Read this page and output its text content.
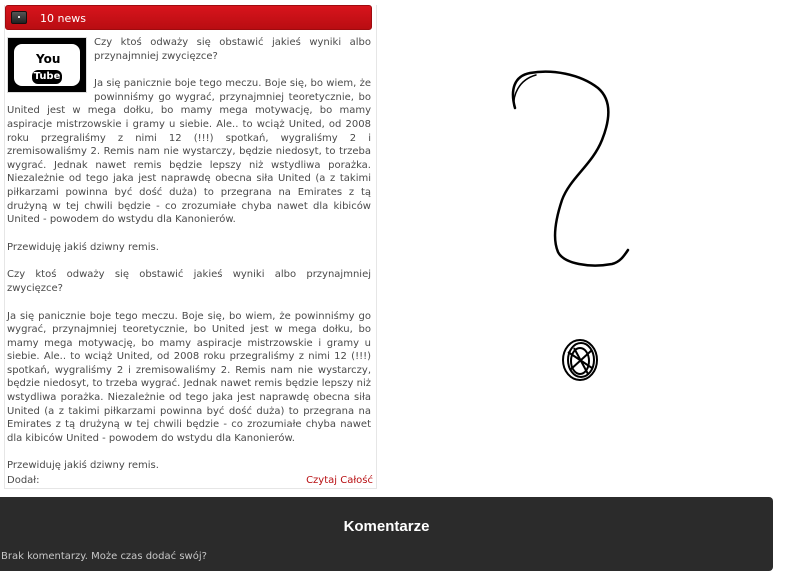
10 news
You
Tube

Czy ktoś odważy się obstawić jakieś wyniki albo przynajmniej zwycięzce?

Ja się panicznie boje tego meczu. Boje się, bo wiem, że powinniśmy go wygrać, przynajmniej teoretycznie, bo United jest w mega dołku, bo mamy mega motywację, bo mamy aspiracje mistrzowskie i gramy u siebie. Ale.. to wciąż United, od 2008 roku przegraliśmy z nimi 12 (!!!) spotkań, wygraliśmy 2 i zremisowaliśmy 2. Remis nam nie wystarczy, będzie niedosyt, to trzeba wygrać. Jednak nawet remis będzie lepszy niż wstydliwa porażka. Niezależnie od tego jaka jest naprawdę obecna siła United (a z takimi piłkarzami powinna być dość duża) to przegrana na Emirates z tą drużyną w tej chwili będzie - co zrozumiałe chyba nawet dla kibiców United - powodem do wstydu dla Kanonierów.

Przewiduję jakiś dziwny remis.

Czy ktoś odważy się obstawić jakieś wyniki albo przynajmniej zwycięzce?

Ja się panicznie boje tego meczu. Boje się, bo wiem, że powinniśmy go wygrać, przynajmniej teoretycznie, bo United jest w mega dołku, bo mamy mega motywację, bo mamy aspiracje mistrzowskie i gramy u siebie. Ale.. to wciąż United, od 2008 roku przegraliśmy z nimi 12 (!!!) spotkań, wygraliśmy 2 i zremisowaliśmy 2. Remis nam nie wystarczy, będzie niedosyt, to trzeba wygrać. Jednak nawet remis będzie lepszy niż wstydliwa porażka. Niezależnie od tego jaka jest naprawdę obecna siła United (a z takimi piłkarzami powinna być dość duża) to przegrana na Emirates z tą drużyną w tej chwili będzie - co zrozumiałe chyba nawet dla kibiców United - powodem do wstydu dla Kanonierów.

Przewiduję jakiś dziwny remis.

Dodał:	Czytaj Całość
Komentarze
Brak komentarzy. Może czas dodać swój?
